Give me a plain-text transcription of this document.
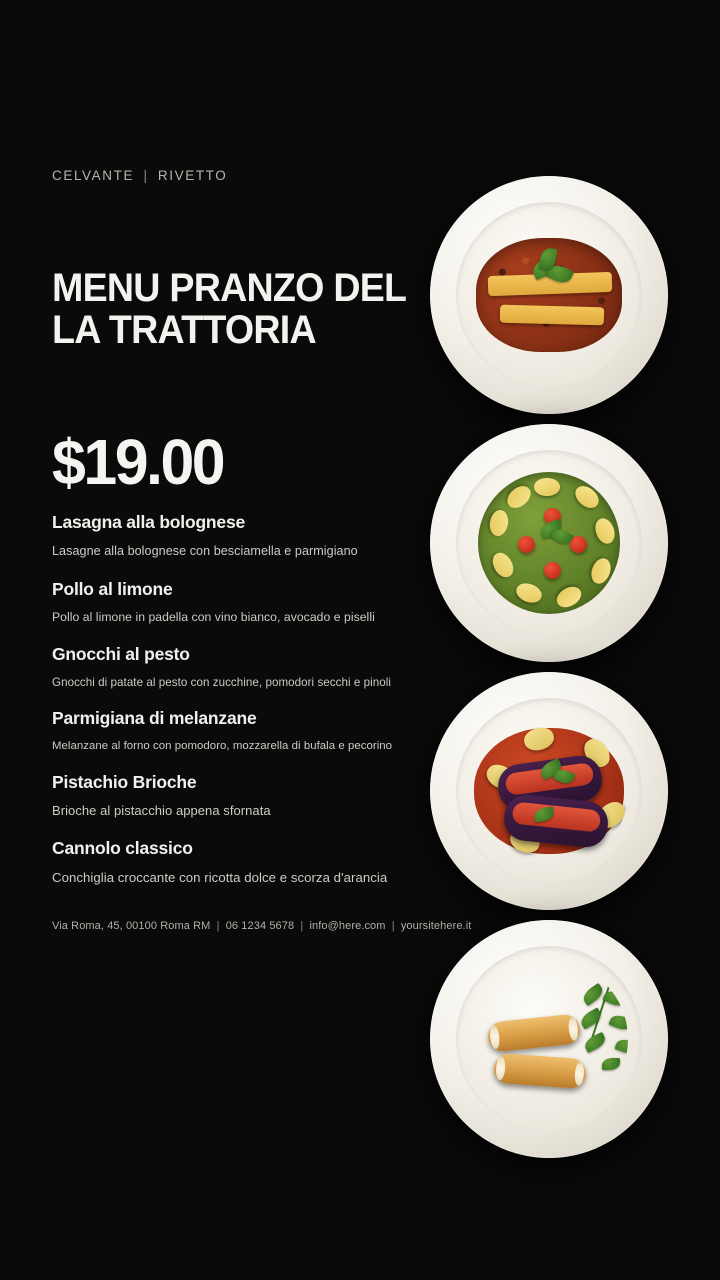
CELVANTE | RIVETTO
MENU PRANZO DELLA TRATTORIA
$19.00
Lasagna alla bolognese
Lasagne alla bolognese con besciamella e parmigiano
Pollo al limone
Pollo al limone in padella con vino bianco, avocado e piselli
Gnocchi al pesto
Gnocchi di patate al pesto con zucchine, pomodori secchi e pinoli
Parmigiana di melanzane
Melanzane al forno con pomodoro, mozzarella di bufala e pecorino
Pistachio Brioche
Brioche al pistacchio appena sfornata
Cannolo classico
Conchiglia croccante con ricotta dolce e scorza d'arancia
Via Roma, 45, 00100 Roma RM | 06 1234 5678 | info@here.com | yoursitehere.it
